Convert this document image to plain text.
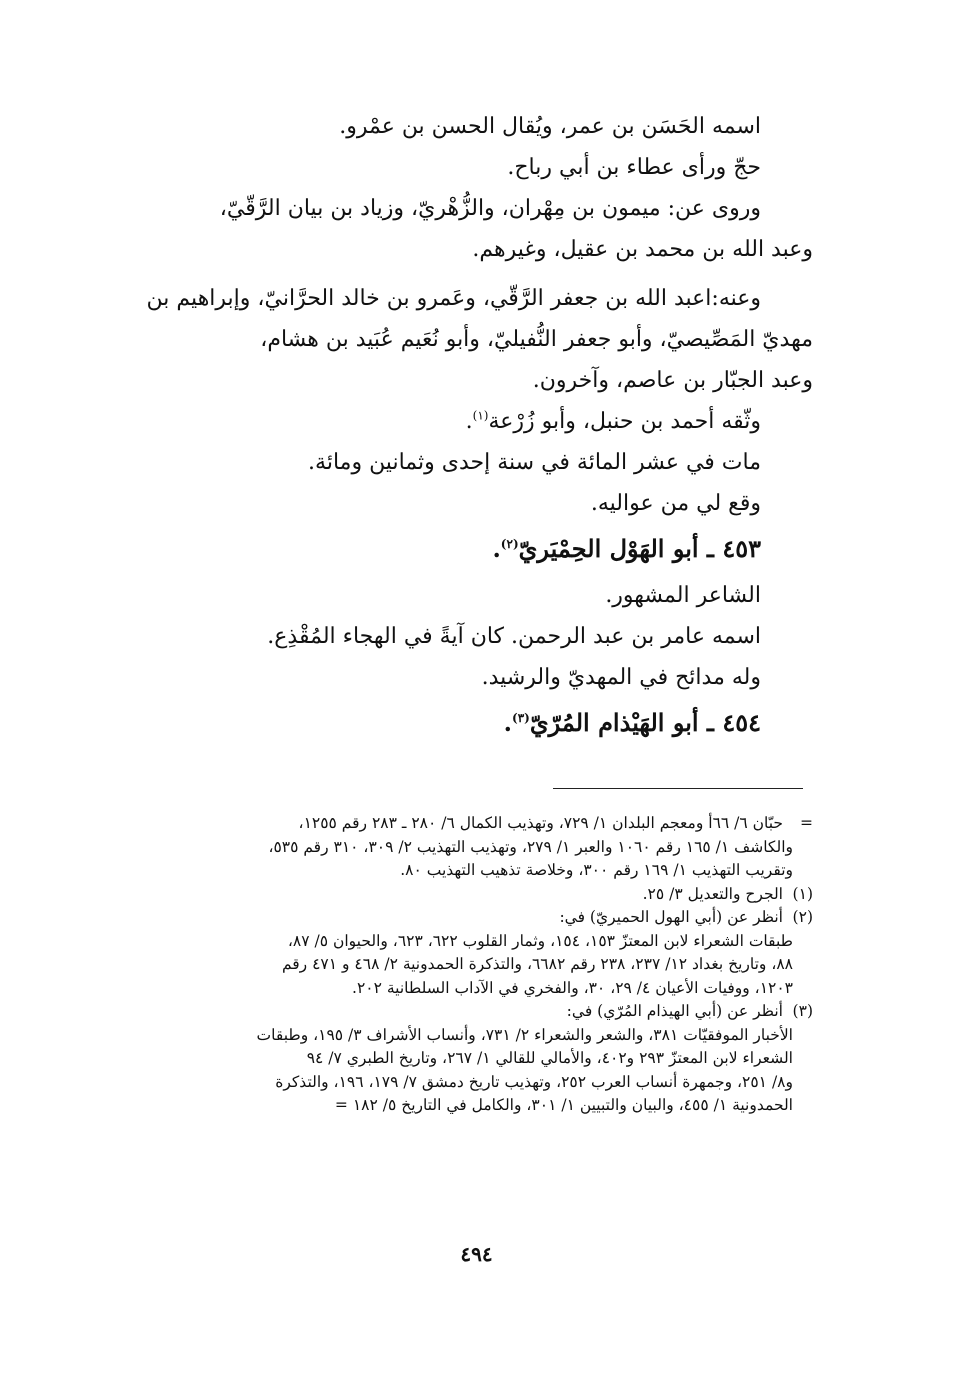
اسمه الحَسَن بن عمر، ويُقال الحسن بن عمْرو.

حجّ ورأى عطاء بن أبي رباح.

وروى عن: ميمون بن مِهْران، والزُّهْريّ، وزياد بن بيان الرَّقّيّ،

وعبد الله بن محمد بن عقيل، وغيرهم.

وعنه:اعبد الله بن جعفر الرَّقّي، وعَمرو بن خالد الحرَّانيّ، وإبراهيم بن

مهديّ المَصِّيصيّ، وأبو جعفر النُّفيليّ، وأبو نُعَيم عُبَيد بن هشام،

وعبد الجبّار بن عاصم، وآخرون.

وثّقه أحمد بن حنبل، وأبو زُرْعة$^{(١)}$.

مات في عشر المائة في سنة إحدى وثمانين ومائة.

وقع لي من عواليه.

٤٥٣ ـ أبو الهَوْل الحِمْيَريّ$^{(٢)}$.

الشاعر المشهور.

اسمه عامر بن عبد الرحمن. كان آيةً في الهجاء المُقْذِع.

وله مدائح في المهديّ والرشيد.

٤٥٤ ـ أبو الهَيْذام المُرّيّ$^{(٣)}$.

=حبّان ٦/ ٦٦أ ومعجم البلدان ١/ ٧٢٩، وتهذيب الكمال ٦/ ٢٨٠ ـ ٢٨٣ رقم ١٢٥٥،

والكاشف ١/ ١٦٥ رقم ١٠٦٠ والعبر ١/ ٢٧٩، وتهذيب التهذيب ٢/ ٣٠٩، ٣١٠ رقم ٥٣٥،

وتقريب التهذيب ١/ ١٦٩ رقم ٣٠٠، وخلاصة تذهيب التهذيب ٨٠.

(١)الجرح والتعديل ٣/ ٢٥.

(٢)أنظر عن (أبي الهول الحميريّ) في:

طبقات الشعراء لابن المعتزّ ١٥٣، ١٥٤، وثمار القلوب ٦٢٢، ٦٢٣، والحيوان ٥/ ٨٧،

٨٨، وتاريخ بغداد ١٢/ ٢٣٧، ٢٣٨ رقم ٦٦٨٢، والتذكرة الحمدونية ٢/ ٤٦٨ و ٤٧١ رقم

١٢٠٣، ووفيات الأعيان ٤/ ٢٩، ٣٠، والفخري في الآداب السلطانية ٢٠٢.

(٣)أنظر عن (أبي الهيذام المُرّي) في:

الأخبار الموفقيّات ٣٨١، والشعر والشعراء ٢/ ٧٣١، وأنساب الأشراف ٣/ ١٩٥، وطبقات

الشعراء لابن المعتزّ ٢٩٣ و٤٠٢، والأمالي للقالي ١/ ٢٦٧، وتاريخ الطبري ٧/ ٩٤

و٨/ ٢٥١، وجمهرة أنساب العرب ٢٥٢، وتهذيب تاريخ دمشق ٧/ ١٧٩، ١٩٦، والتذكرة

الحمدونية ١/ ٤٥٥، والبيان والتبيين ١/ ٣٠١، والكامل في التاريخ ٥/ ١٨٢ =

٤٩٤
